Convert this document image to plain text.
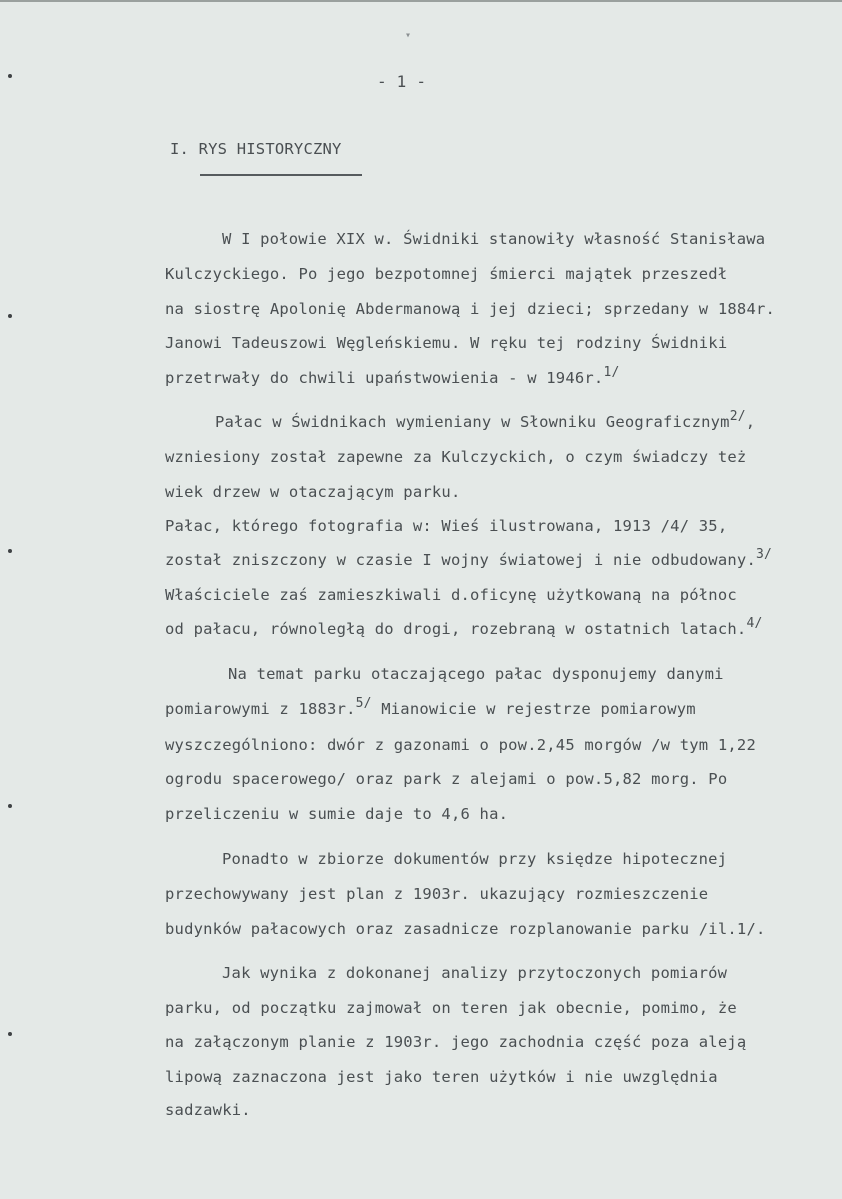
▾
- 1 -
I. RYS HISTORYCZNY
W I połowie XIX w. Świdniki stanowiły własność Stanisława
Kulczyckiego. Po jego bezpotomnej śmierci majątek przeszedł
na siostrę Apolonię Abdermanową i jej dzieci; sprzedany w 1884r.
Janowi Tadeuszowi Węgleńskiemu. W ręku tej rodziny Świdniki
przetrwały do chwili upaństwowienia - w 1946r.$^{1/}$
Pałac w Świdnikach wymieniany w Słowniku Geograficznym$^{2/}$,
wzniesiony został zapewne za Kulczyckich, o czym świadczy też
wiek drzew w otaczającym parku.
Pałac, którego fotografia w: Wieś ilustrowana, 1913 /4/ 35,
został zniszczony w czasie I wojny światowej i nie odbudowany.$^{3/}$
Właściciele zaś zamieszkiwali d.oficynę użytkowaną na północ
od pałacu, równoległą do drogi, rozebraną w ostatnich latach.$^{4/}$
Na temat parku otaczającego pałac dysponujemy danymi
pomiarowymi z 1883r.$^{5/}$ Mianowicie w rejestrze pomiarowym
wyszczególniono: dwór z gazonami o pow.2,45 morgów /w tym 1,22
ogrodu spacerowego/ oraz park z alejami o pow.5,82 morg. Po
przeliczeniu w sumie daje to 4,6 ha.
Ponadto w zbiorze dokumentów przy księdze hipotecznej
przechowywany jest plan z 1903r. ukazujący rozmieszczenie
budynków pałacowych oraz zasadnicze rozplanowanie parku /il.1/.
Jak wynika z dokonanej analizy przytoczonych pomiarów
parku, od początku zajmował on teren jak obecnie, pomimo, że
na załączonym planie z 1903r. jego zachodnia część poza aleją
lipową zaznaczona jest jako teren użytków i nie uwzględnia
sadzawki.
